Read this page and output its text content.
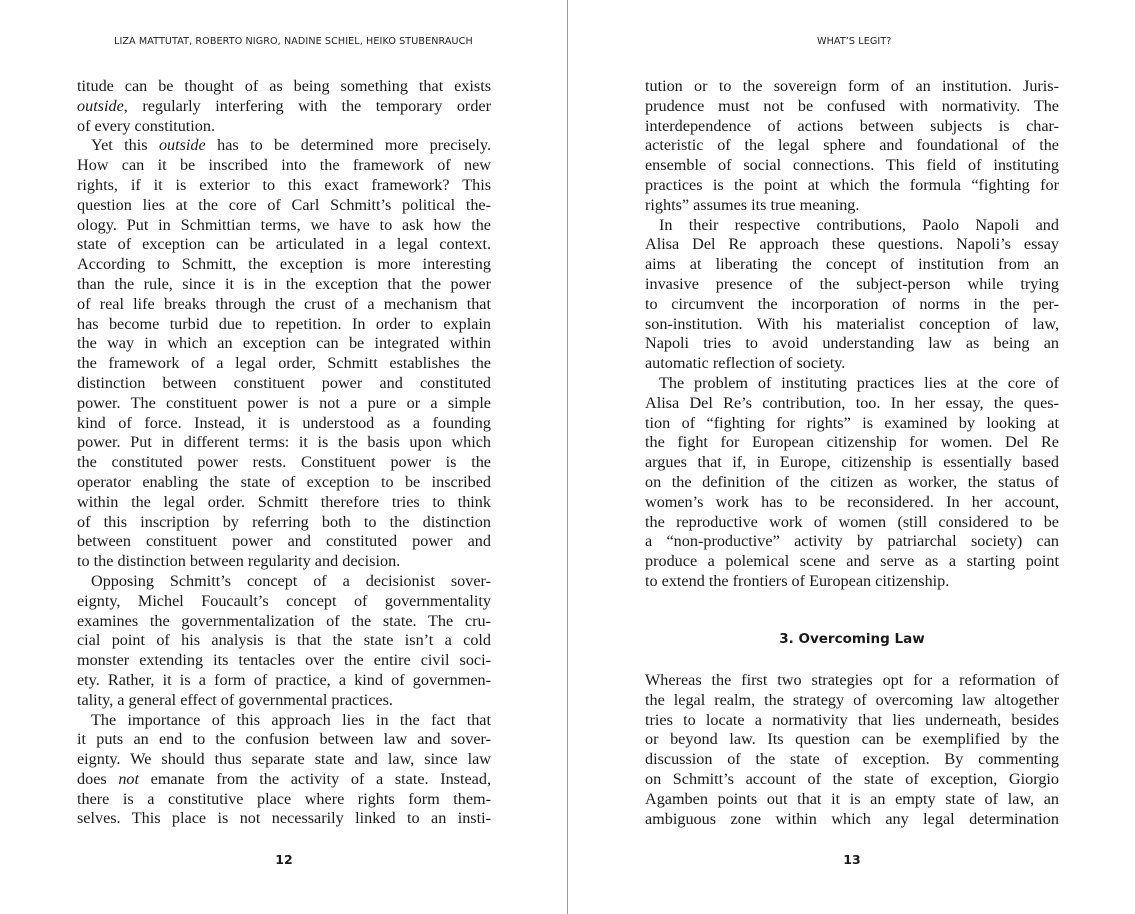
LIZA MATTUTAT, ROBERTO NIGRO, NADINE SCHIEL, HEIKO STUBENRAUCH	WHAT’S LEGIT?
titude can be thought of as being something that exists
outside, regularly interfering with the temporary order
of every constitution.
Yet this outside has to be determined more precisely.
How can it be inscribed into the framework of new
rights, if it is exterior to this exact framework? This
question lies at the core of Carl Schmitt’s political the-
ology. Put in Schmittian terms, we have to ask how the
state of exception can be articulated in a legal context.
According to Schmitt, the exception is more interesting
than the rule, since it is in the exception that the power
of real life breaks through the crust of a mechanism that
has become turbid due to repetition. In order to explain
the way in which an exception can be integrated within
the framework of a legal order, Schmitt establishes the
distinction between constituent power and constituted
power. The constituent power is not a pure or a simple
kind of force. Instead, it is understood as a founding
power. Put in different terms: it is the basis upon which
the constituted power rests. Constituent power is the
operator enabling the state of exception to be inscribed
within the legal order. Schmitt therefore tries to think
of this inscription by referring both to the distinction
between constituent power and constituted power and
to the distinction between regularity and decision.
Opposing Schmitt’s concept of a decisionist sover-
eignty, Michel Foucault’s concept of governmentality
examines the governmentalization of the state. The cru-
cial point of his analysis is that the state isn’t a cold
monster extending its tentacles over the entire civil soci-
ety. Rather, it is a form of practice, a kind of governmen-
tality, a general effect of governmental practices.
The importance of this approach lies in the fact that
it puts an end to the confusion between law and sover-
eignty. We should thus separate state and law, since law
does not emanate from the activity of a state. Instead,
there is a constitutive place where rights form them-
selves. This place is not necessarily linked to an insti-
tution or to the sovereign form of an institution. Juris-
prudence must not be confused with normativity. The
interdependence of actions between subjects is char-
acteristic of the legal sphere and foundational of the
ensemble of social connections. This field of instituting
practices is the point at which the formula “fighting for
rights” assumes its true meaning.
In their respective contributions, Paolo Napoli and
Alisa Del Re approach these questions. Napoli’s essay
aims at liberating the concept of institution from an
invasive presence of the subject-person while trying
to circumvent the incorporation of norms in the per-
son-institution. With his materialist conception of law,
Napoli tries to avoid understanding law as being an
automatic reflection of society.
The problem of instituting practices lies at the core of
Alisa Del Re’s contribution, too. In her essay, the ques-
tion of “fighting for rights” is examined by looking at
the fight for European citizenship for women. Del Re
argues that if, in Europe, citizenship is essentially based
on the definition of the citizen as worker, the status of
women’s work has to be reconsidered. In her account,
the reproductive work of women (still considered to be
a “non-productive” activity by patriarchal society) can
produce a polemical scene and serve as a starting point
to extend the frontiers of European citizenship.
3. Overcoming Law
Whereas the first two strategies opt for a reformation of
the legal realm, the strategy of overcoming law altogether
tries to locate a normativity that lies underneath, besides
or beyond law. Its question can be exemplified by the
discussion of the state of exception. By commenting
on Schmitt’s account of the state of exception, Giorgio
Agamben points out that it is an empty state of law, an
ambiguous zone within which any legal determination
12	13
